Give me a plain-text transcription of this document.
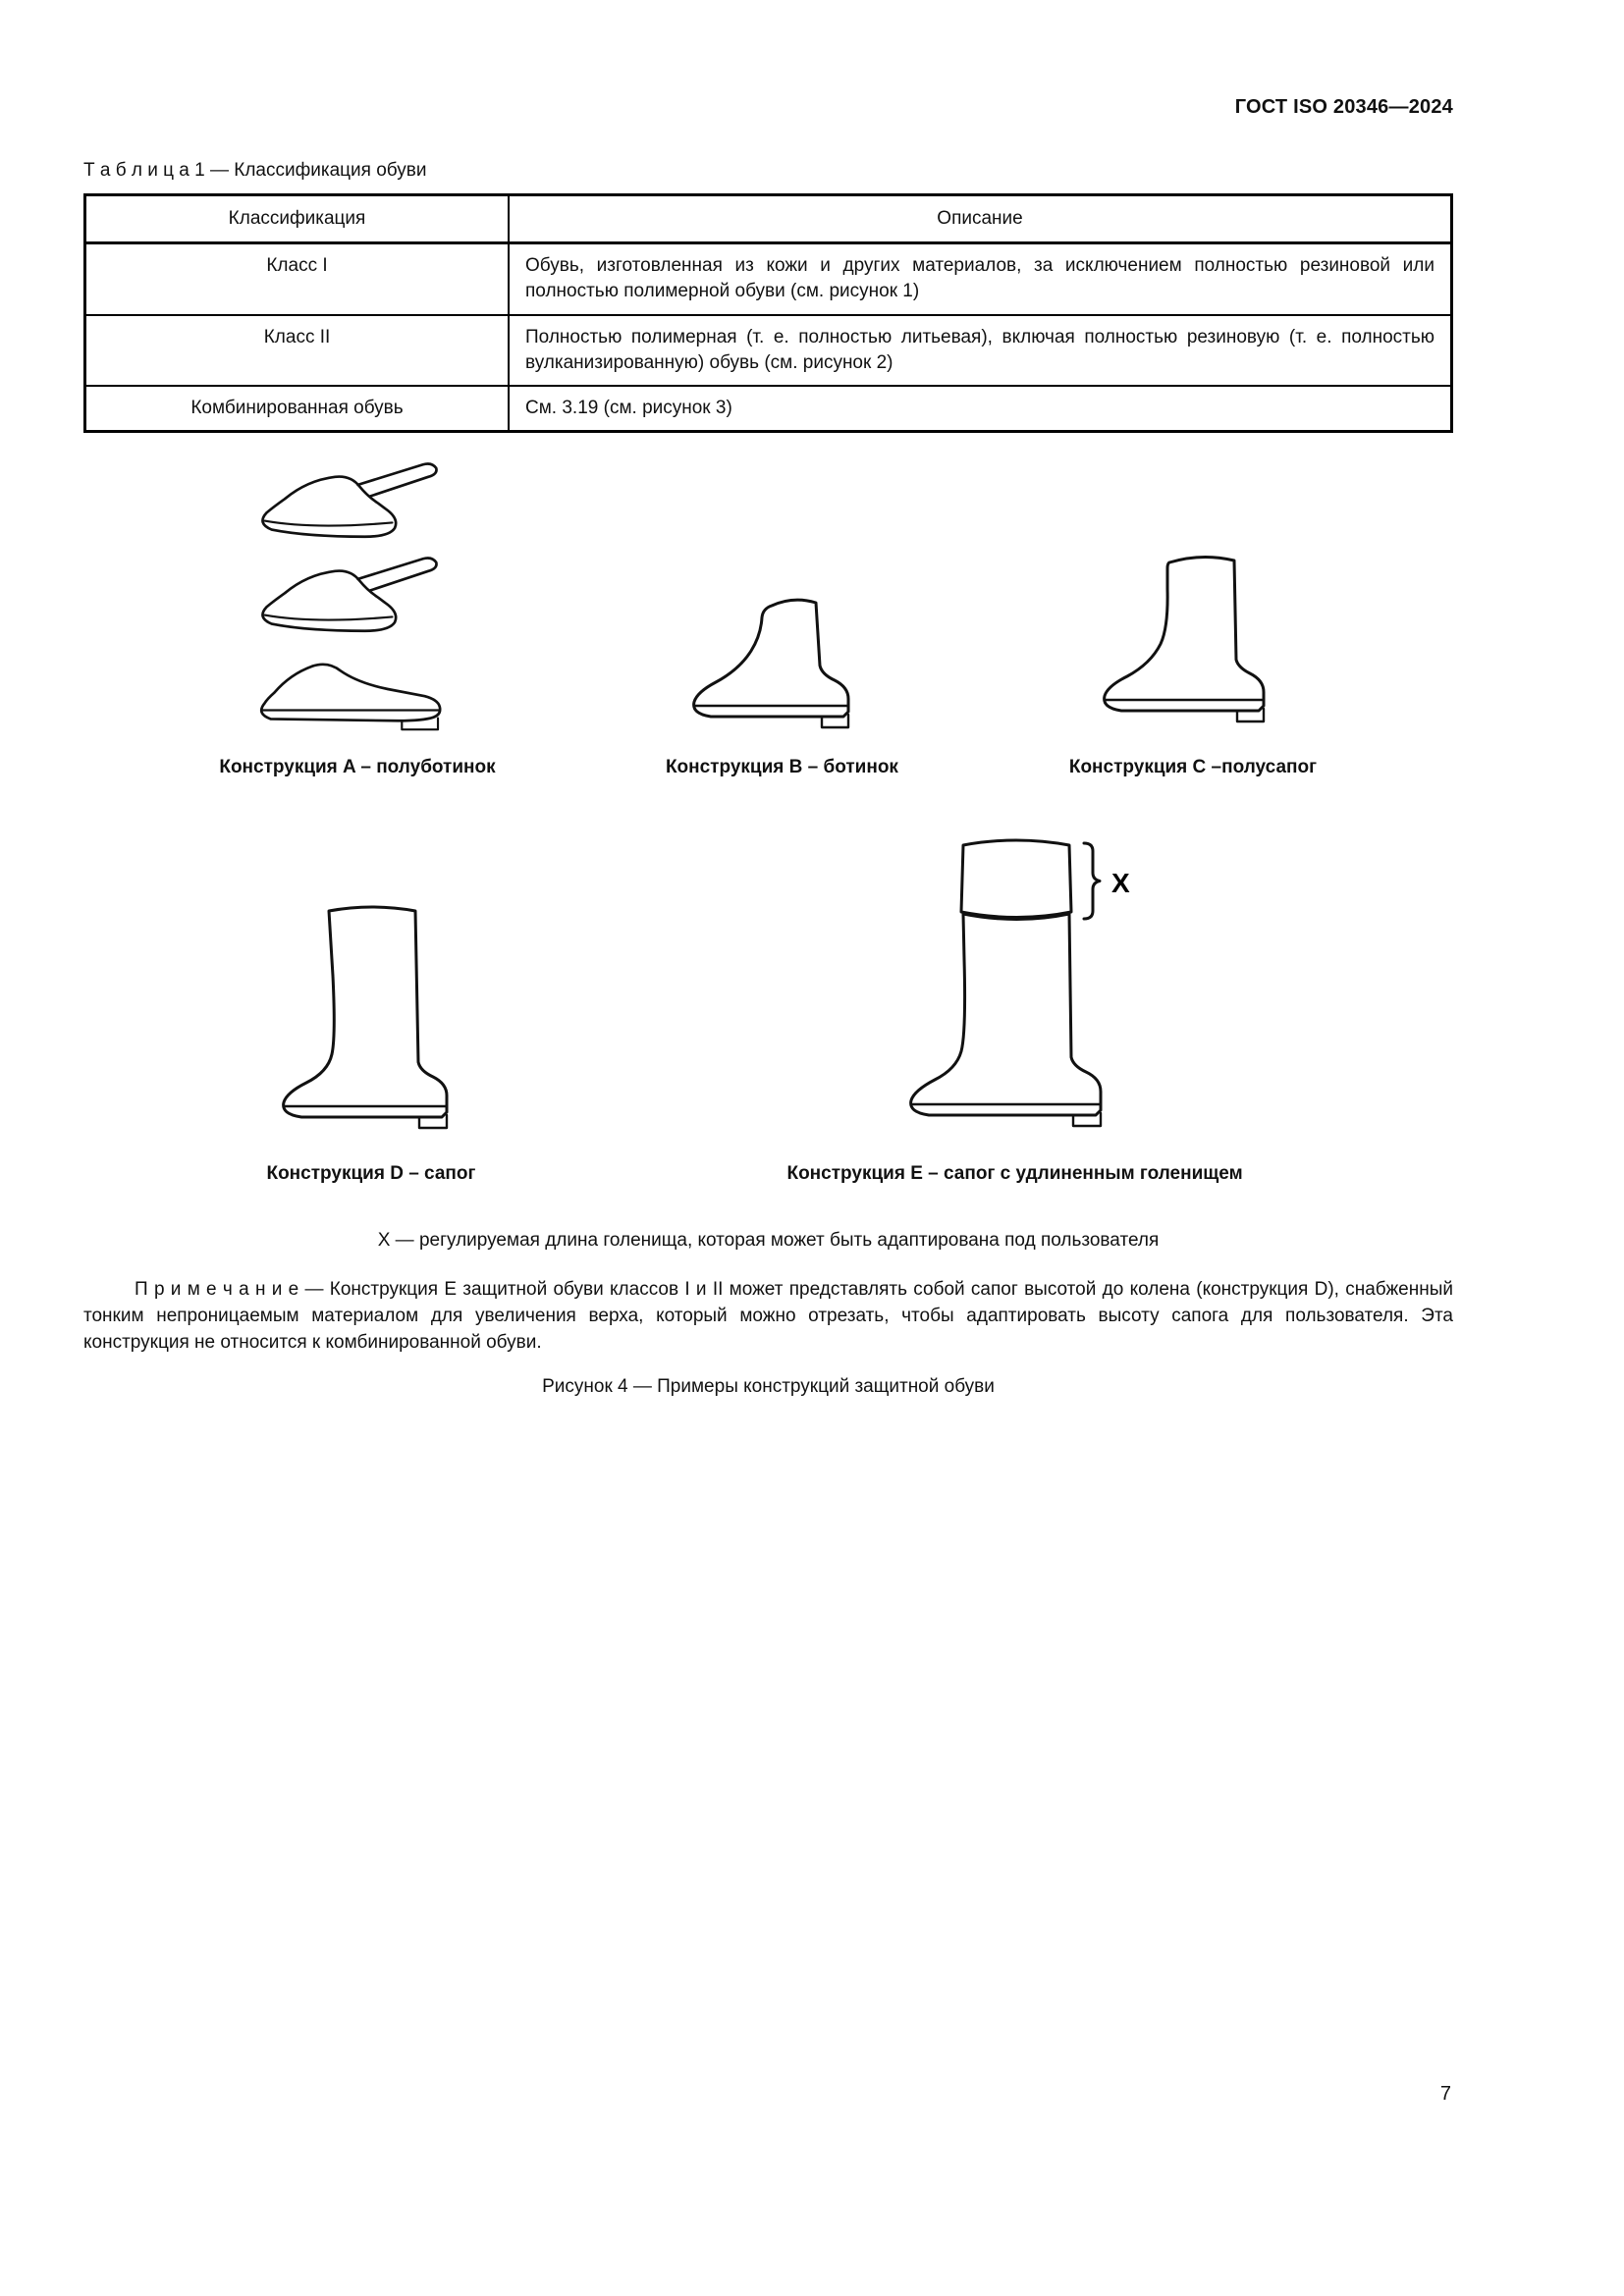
ГОСТ ISO 20346—2024
Т а б л и ц а 1 — Классификация обуви
Классификация	Описание
Класс I	Обувь, изготовленная из кожи и других материалов, за исключением полностью резиновой или полностью полимерной обуви (см. рисунок 1)
Класс II	Полностью полимерная (т. е. полностью литьевая), включая полностью резиновую (т. е. полностью вулканизированную) обувь (см. рисунок 2)
Комбинированная обувь	См. 3.19 (см. рисунок 3)
Конструкция A – полуботинок	Конструкция B – ботинок	Конструкция C –полусапог
Конструкция D – сапог
X
Конструкция E – сапог с удлиненным голенищем

X — регулируемая длина голенища, которая может быть адаптирована под пользователя

П р и м е ч а н и е — Конструкция Е защитной обуви классов I и II может представлять собой сапог высотой до колена (конструкция D), снабженный тонким непроницаемым материалом для увеличения верха, который можно отрезать, чтобы адаптировать высоту сапога для пользователя. Эта конструкция не относится к комбинированной обуви.

Рисунок 4 — Примеры конструкций защитной обуви

7
